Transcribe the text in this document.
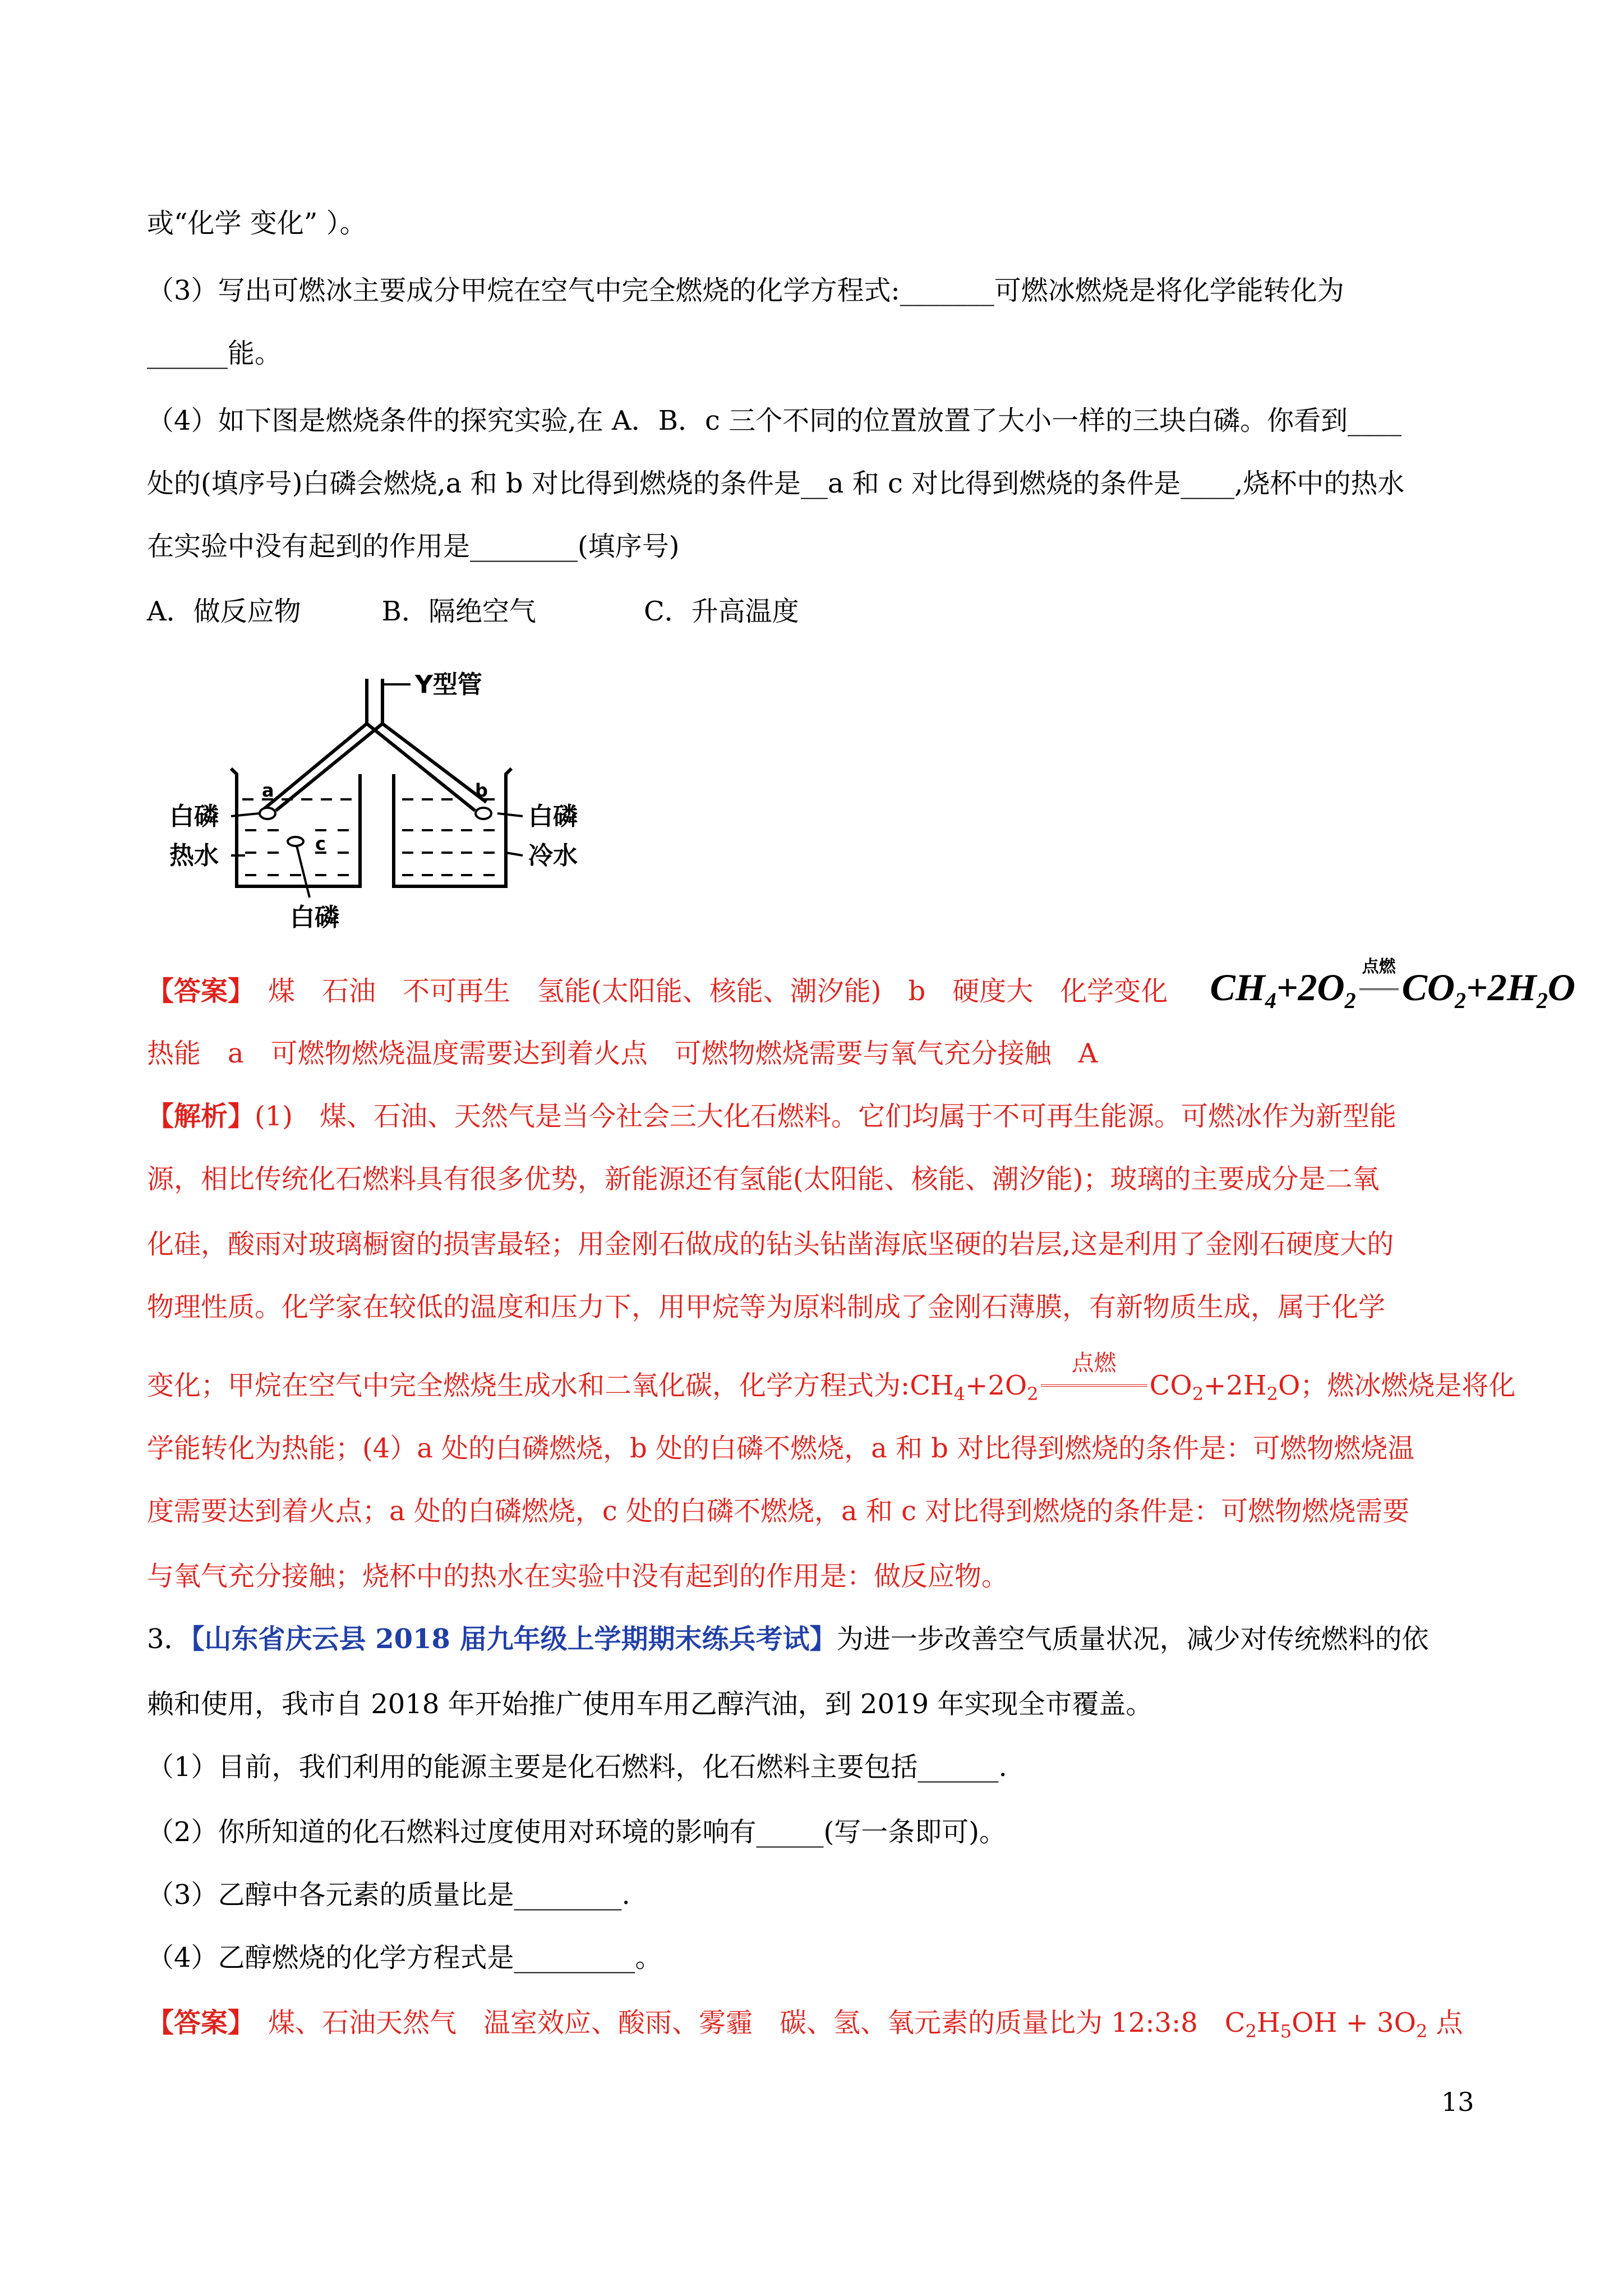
或“化学 变化” ）。
（3）写出可燃冰主要成分甲烷在空气中完全燃烧的化学方程式:_______可燃冰燃烧是将化学能转化为
______能。
（4）如下图是燃烧条件的探究实验,在 A．B．c 三个不同的位置放置了大小一样的三块白磷。你看到____
处的(填序号)白磷会燃烧,a 和 b 对比得到燃烧的条件是__a 和 c 对比得到燃烧的条件是____,烧杯中的热水
在实验中没有起到的作用是________(填序号)
A．做反应物　　　B．隔绝空气　　　　C．升高温度
Y型管
a	b
c
白磷
热水
白磷
冷水
白磷
【答案】　煤　石油　不可再生　氢能(太阳能、核能、潮汐能)　b　硬度大　化学变化 $CH_4+2O_2$
点燃 $CO_2+2H_2O$
热能　a　可燃物燃烧温度需要达到着火点　可燃物燃烧需要与氧气充分接触　A
【解析】(1)　煤、石油、天然气是当今社会三大化石燃料。它们均属于不可再生能源。可燃冰作为新型能
源，相比传统化石燃料具有很多优势，新能源还有氢能(太阳能、核能、潮汐能)；玻璃的主要成分是二氧
化硅，酸雨对玻璃橱窗的损害最轻；用金刚石做成的钻头钻凿海底坚硬的岩层,这是利用了金刚石硬度大的
物理性质。化学家在较低的温度和压力下，用甲烷等为原料制成了金刚石薄膜，有新物质生成，属于化学
变化；甲烷在空气中完全燃烧生成水和二氧化碳，化学方程式为$:CH_4+2O_2$
点燃
$CO_2+2H_2O$；燃冰燃烧是将化
学能转化为热能；(4）a 处的白磷燃烧，b 处的白磷不燃烧，a 和 b 对比得到燃烧的条件是：可燃物燃烧温
度需要达到着火点；a 处的白磷燃烧，c 处的白磷不燃烧，a 和 c 对比得到燃烧的条件是：可燃物燃烧需要
与氧气充分接触；烧杯中的热水在实验中没有起到的作用是：做反应物。
3．【山东省庆云县 2018 届九年级上学期期末练兵考试】为进一步改善空气质量状况，减少对传统燃料的依
赖和使用，我市自 2018 年开始推广使用车用乙醇汽油，到 2019 年实现全市覆盖。
（1）目前，我们利用的能源主要是化石燃料，化石燃料主要包括______.
（2）你所知道的化石燃料过度使用对环境的影响有_____(写一条即可)。
（3）乙醇中各元素的质量比是________.
（4）乙醇燃烧的化学方程式是_________。
【答案】　煤、石油天然气　温室效应、酸雨、雾霾　碳、氢、氧元素的质量比为 12:3:8　$C_2H_5OH + 3O_2$ 点
13
